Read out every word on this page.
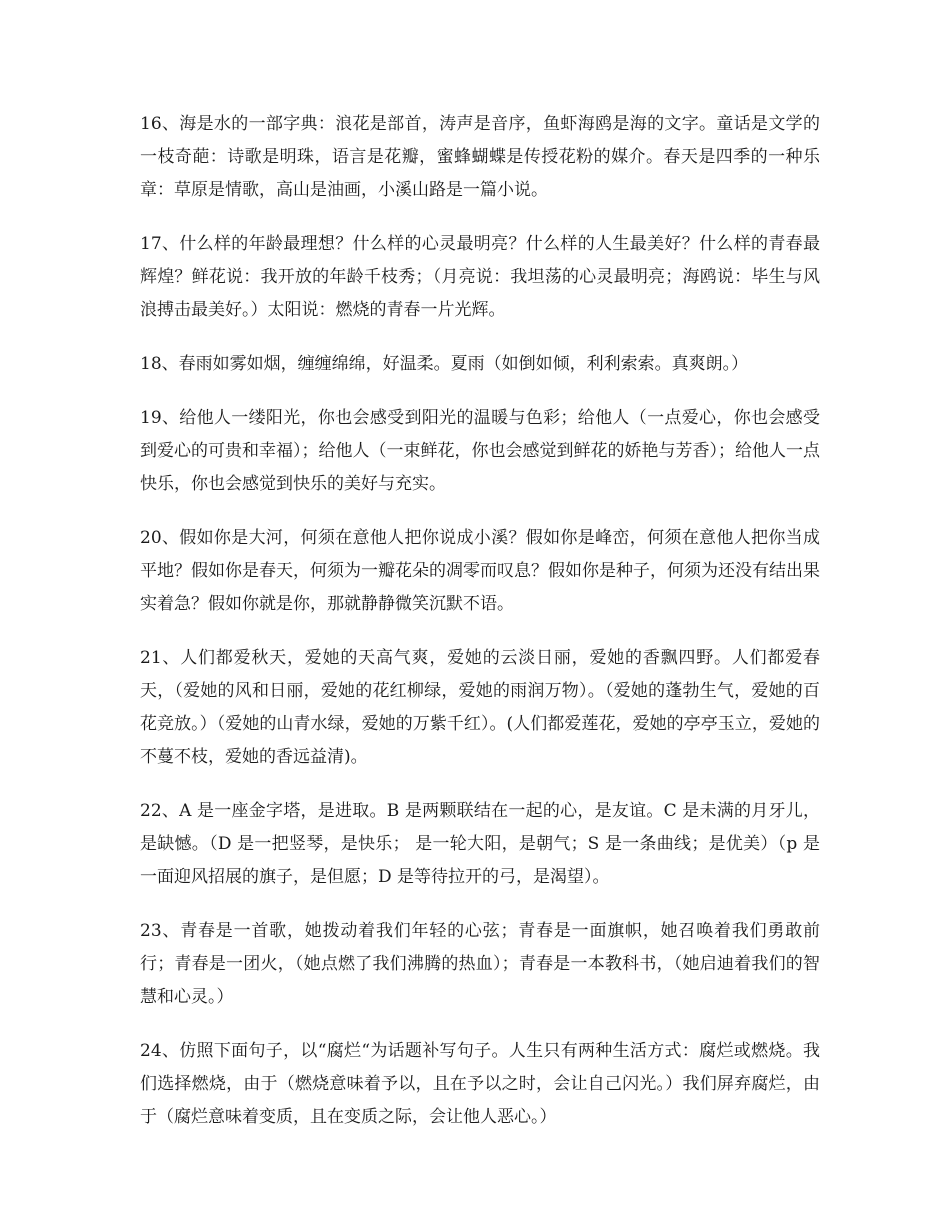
16、海是水的一部字典：浪花是部首，涛声是音序，鱼虾海鸥是海的文字。童话是文学的一枝奇葩：诗歌是明珠，语言是花瓣，蜜蜂蝴蝶是传授花粉的媒介。春天是四季的一种乐章：草原是情歌，高山是油画，小溪山路是一篇小说。

17、什么样的年龄最理想？什么样的心灵最明亮？什么样的人生最美好？什么样的青春最辉煌？鲜花说：我开放的年龄千枝秀；（月亮说：我坦荡的心灵最明亮；海鸥说：毕生与风浪搏击最美好。）太阳说：燃烧的青春一片光辉。

18、春雨如雾如烟，缠缠绵绵，好温柔。夏雨（如倒如倾，利利索索。真爽朗。）

19、给他人一缕阳光，你也会感受到阳光的温暖与色彩；给他人（一点爱心，你也会感受到爱心的可贵和幸福）；给他人（一束鲜花，你也会感觉到鲜花的娇艳与芳香）；给他人一点快乐，你也会感觉到快乐的美好与充实。

20、假如你是大河，何须在意他人把你说成小溪？假如你是峰峦，何须在意他人把你当成平地？假如你是春天，何须为一瓣花朵的凋零而叹息？假如你是种子，何须为还没有结出果实着急？假如你就是你，那就静静微笑沉默不语。

21、人们都爱秋天，爱她的天高气爽，爱她的云淡日丽，爱她的香飘四野。人们都爱春天，（爱她的风和日丽，爱她的花红柳绿，爱她的雨润万物）。（爱她的蓬勃生气，爱她的百花竞放。）（爱她的山青水绿，爱她的万紫千红）。(人们都爱莲花，爱她的亭亭玉立，爱她的不蔓不枝，爱她的香远益清)。

22、A 是一座金字塔，是进取。B 是两颗联结在一起的心，是友谊。C 是未满的月牙儿，是缺憾。（D 是一把竖琴，是快乐； 是一轮大阳，是朝气；S 是一条曲线；是优美）（p 是一面迎风招展的旗子，是但愿；D 是等待拉开的弓，是渴望）。

23、青春是一首歌，她拨动着我们年轻的心弦；青春是一面旗帜，她召唤着我们勇敢前行；青春是一团火，（她点燃了我们沸腾的热血）；青春是一本教科书，（她启迪着我们的智慧和心灵。）

24、仿照下面句子，以“腐烂“为话题补写句子。人生只有两种生活方式：腐烂或燃烧。我们选择燃烧，由于（燃烧意味着予以，且在予以之时，会让自己闪光。）我们屏弃腐烂，由于（腐烂意味着变质，且在变质之际，会让他人恶心。）
